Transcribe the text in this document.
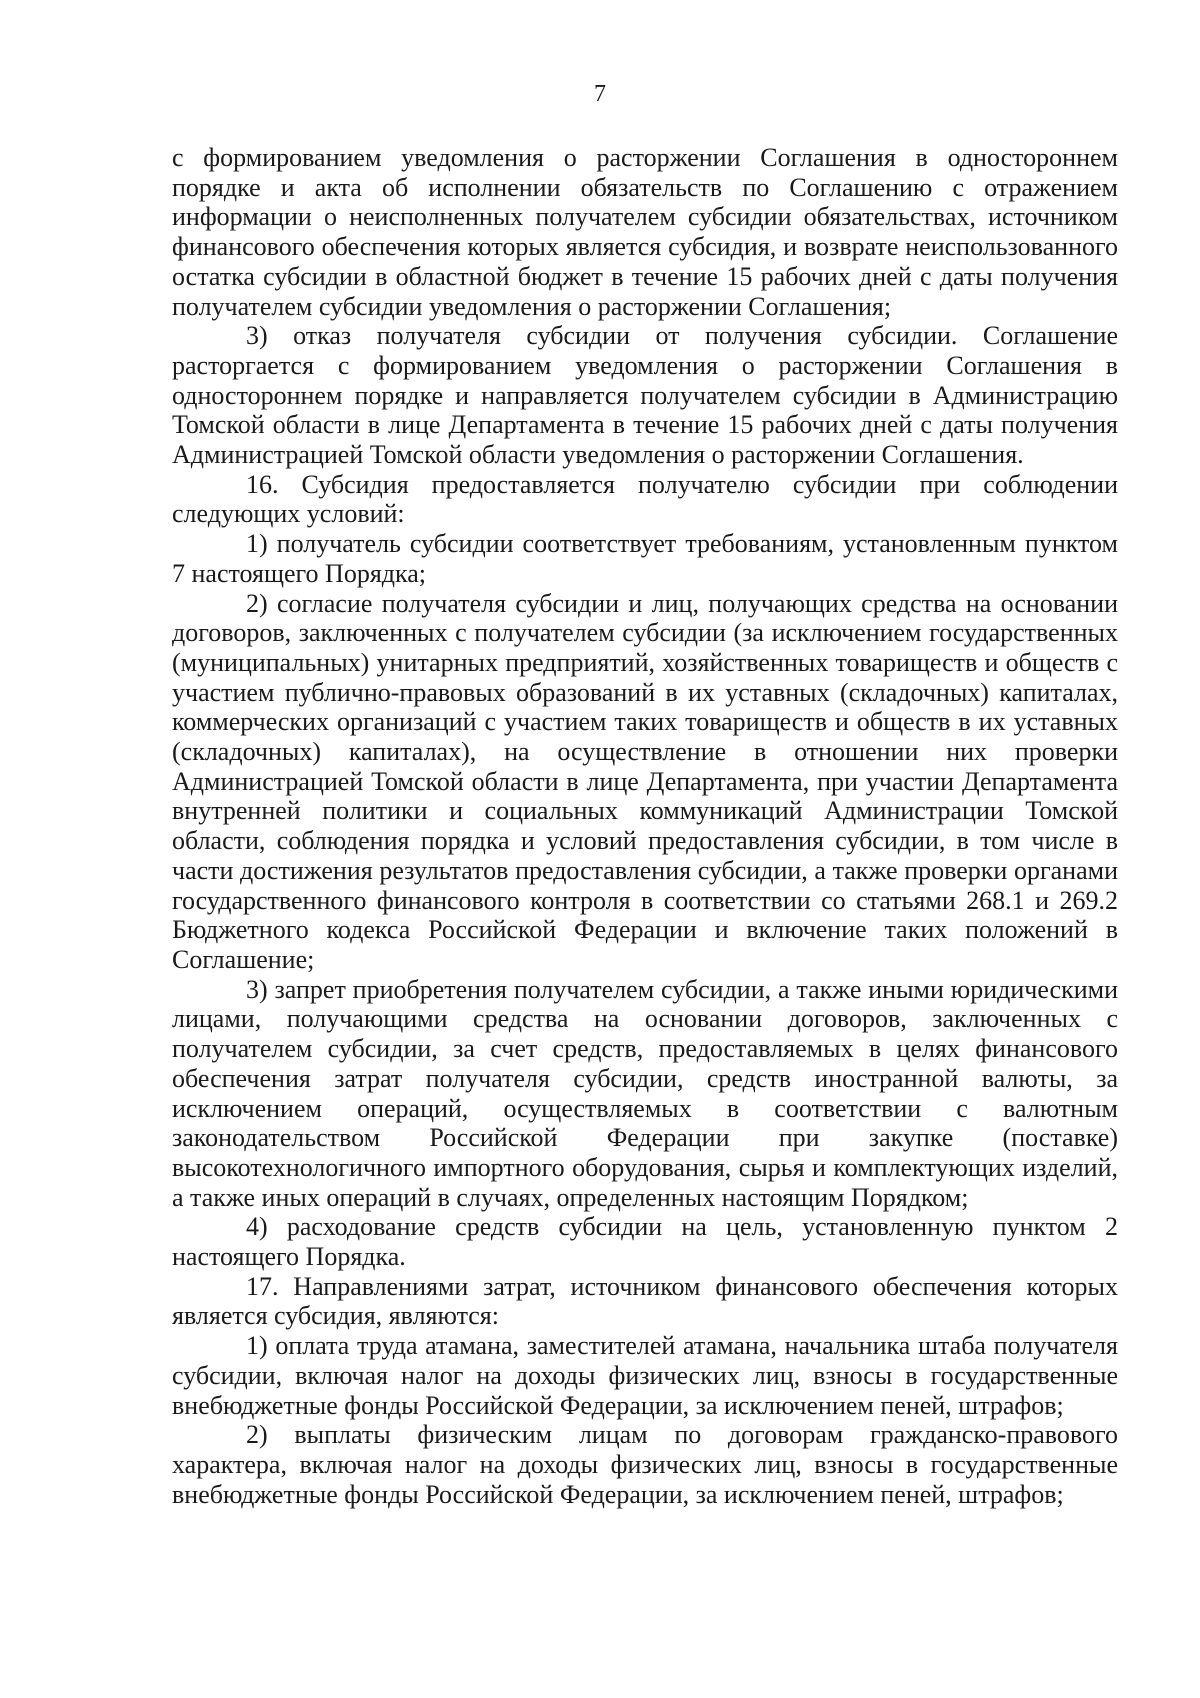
7

с формированием уведомления о расторжении Соглашения в одностороннем порядке и акта об исполнении обязательств по Соглашению с отражением информации о неисполненных получателем субсидии обязательствах, источником финансового обеспечения которых является субсидия, и возврате неиспользованного остатка субсидии в областной бюджет в течение 15 рабочих дней с даты получения получателем субсидии уведомления о расторжении Соглашения;

3) отказ получателя субсидии от получения субсидии. Соглашение расторгается с формированием уведомления о расторжении Соглашения в одностороннем порядке и направляется получателем субсидии в Администрацию Томской области в лице Департамента в течение 15 рабочих дней с даты получения Администрацией Томской области уведомления о расторжении Соглашения.

16. Субсидия предоставляется получателю субсидии при соблюдении следующих условий:

1) получатель субсидии соответствует требованиям, установленным пунктом 7 настоящего Порядка;

2) согласие получателя субсидии и лиц, получающих средства на основании договоров, заключенных с получателем субсидии (за исключением государственных (муниципальных) унитарных предприятий, хозяйственных товариществ и обществ с участием публично-правовых образований в их уставных (складочных) капиталах, коммерческих организаций с участием таких товариществ и обществ в их уставных (складочных) капиталах), на осуществление в отношении них проверки Администрацией Томской области в лице Департамента, при участии Департамента внутренней политики и социальных коммуникаций Администрации Томской области, соблюдения порядка и условий предоставления субсидии, в том числе в части достижения результатов предоставления субсидии, а также проверки органами государственного финансового контроля в соответствии со статьями 268.1 и 269.2 Бюджетного кодекса Российской Федерации и включение таких положений в Соглашение;

3) запрет приобретения получателем субсидии, а также иными юридическими лицами, получающими средства на основании договоров, заключенных с получателем субсидии, за счет средств, предоставляемых в целях финансового обеспечения затрат получателя субсидии, средств иностранной валюты, за исключением операций, осуществляемых в соответствии с валютным законодательством Российской Федерации при закупке (поставке) высокотехнологичного импортного оборудования, сырья и комплектующих изделий, а также иных операций в случаях, определенных настоящим Порядком;

4) расходование средств субсидии на цель, установленную пунктом 2 настоящего Порядка.

17. Направлениями затрат, источником финансового обеспечения которых является субсидия, являются:

1) оплата труда атамана, заместителей атамана, начальника штаба получателя субсидии, включая налог на доходы физических лиц, взносы в государственные внебюджетные фонды Российской Федерации, за исключением пеней, штрафов;

2) выплаты физическим лицам по договорам гражданско-правового характера, включая налог на доходы физических лиц, взносы в государственные внебюджетные фонды Российской Федерации, за исключением пеней, штрафов;
